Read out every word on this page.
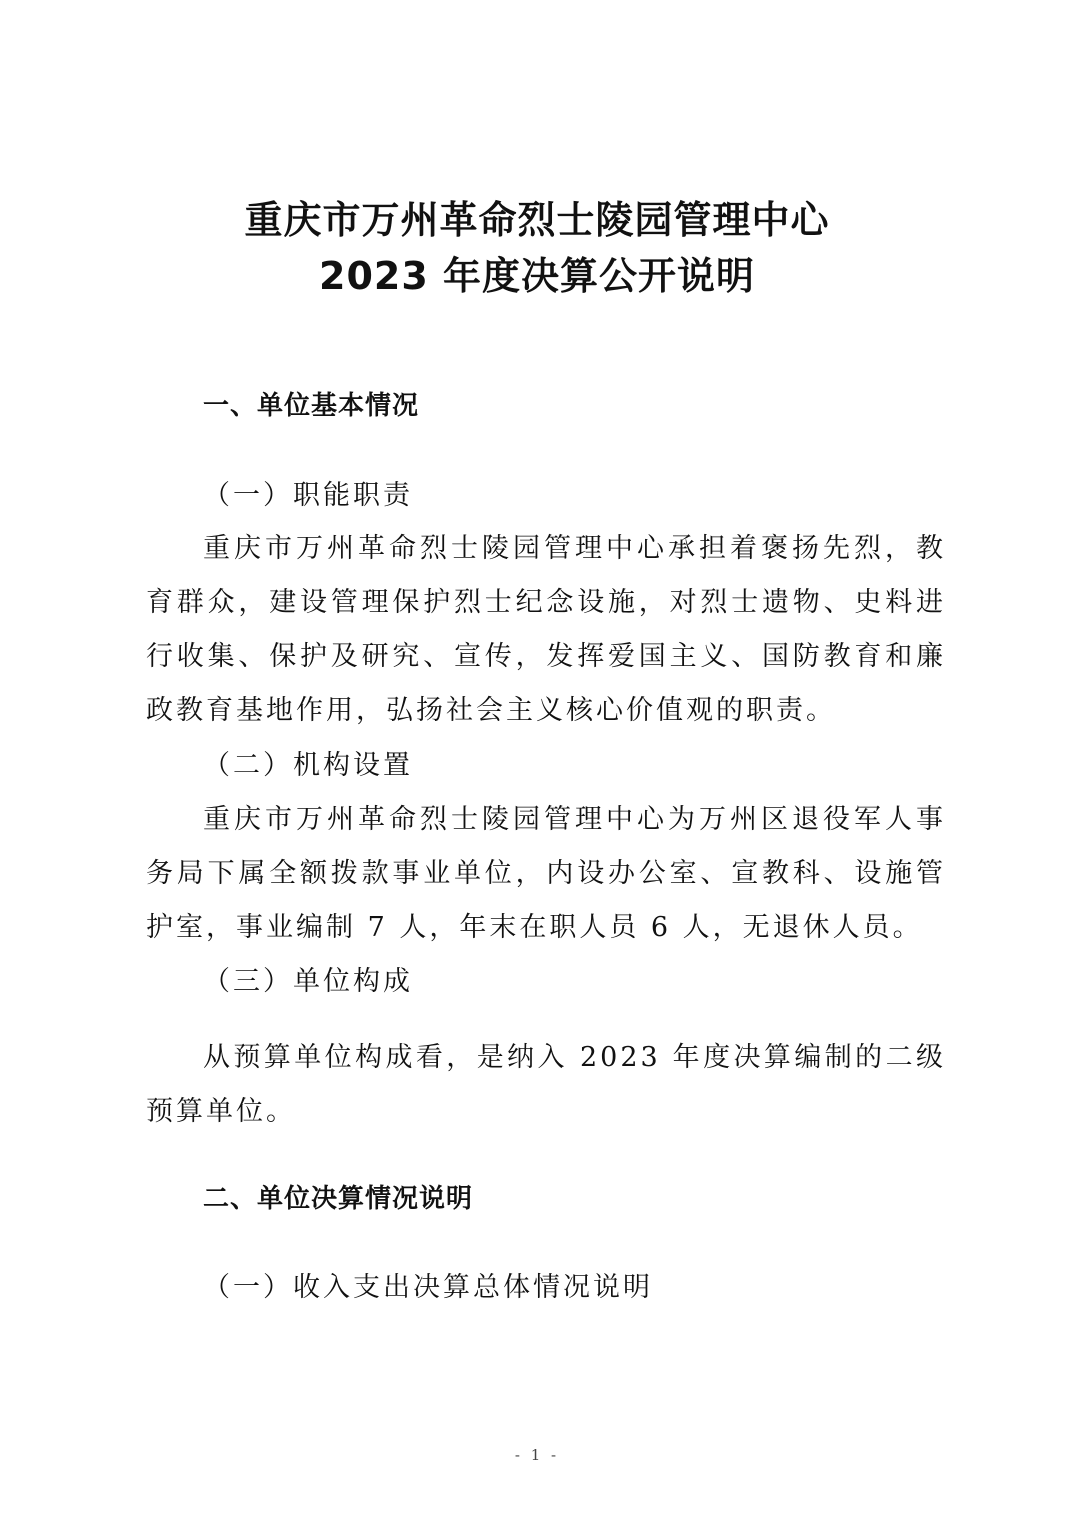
重庆市万州革命烈士陵园管理中心
2023 年度决算公开说明
一、单位基本情况
（一）职能职责

重庆市万州革命烈士陵园管理中心承担着褒扬先烈，教育群众，建设管理保护烈士纪念设施，对烈士遗物、史料进行收集、保护及研究、宣传，发挥爱国主义、国防教育和廉政教育基地作用，弘扬社会主义核心价值观的职责。

（二）机构设置

重庆市万州革命烈士陵园管理中心为万州区退役军人事务局下属全额拨款事业单位，内设办公室、宣教科、设施管护室，事业编制 7 人，年末在职人员 6 人，无退休人员。

（三）单位构成

从预算单位构成看，是纳入 2023 年度决算编制的二级预算单位。

二、单位决算情况说明
（一）收入支出决算总体情况说明
- 1 -
